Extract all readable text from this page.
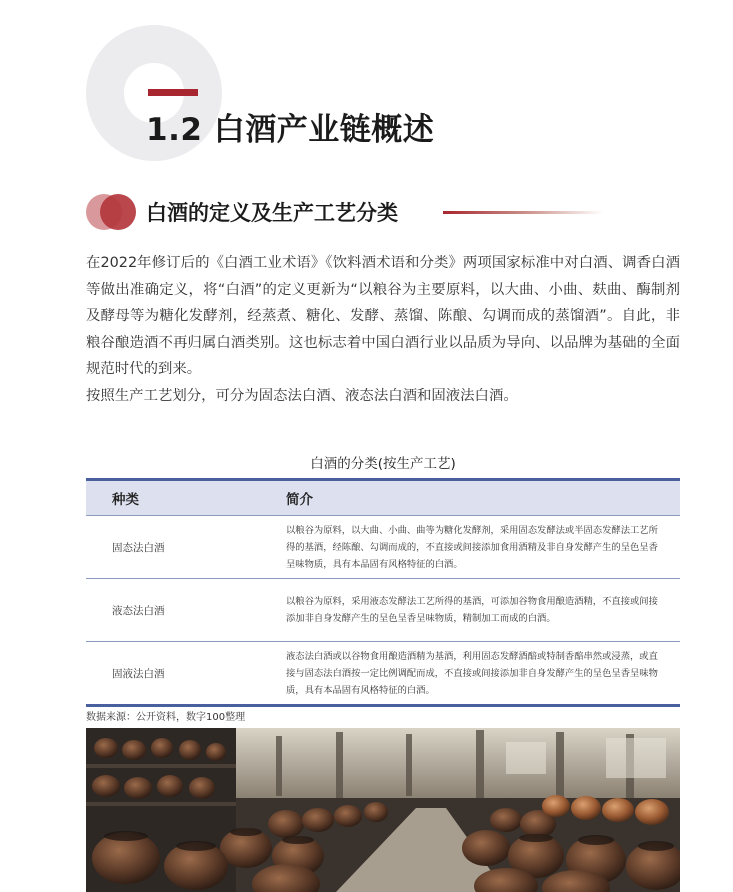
1.2 白酒产业链概述
白酒的定义及生产工艺分类

在2022年修订后的《白酒工业术语》《饮料酒术语和分类》两项国家标准中对白酒、调香白酒等做出准确定义，将“白酒”的定义更新为“以粮谷为主要原料，以大曲、小曲、麸曲、酶制剂及酵母等为糖化发酵剂，经蒸煮、糖化、发酵、蒸馏、陈酿、勾调而成的蒸馏酒”。自此，非粮谷酿造酒不再归属白酒类别。这也标志着中国白酒行业以品质为导向、以品牌为基础的全面规范时代的到来。

按照生产工艺划分，可分为固态法白酒、液态法白酒和固液法白酒。

白酒的分类(按生产工艺)
种类	简介
固态法白酒
以粮谷为原料，以大曲、小曲、曲等为糖化发酵剂，采用固态发酵法或半固态发酵法工艺所得的基酒，经陈酿、勾调而成的，不直接或间接添加食用酒精及非自身发酵产生的呈色呈香呈味物质，具有本品固有风格特征的白酒。
液态法白酒
以粮谷为原料，采用液态发酵法工艺所得的基酒，可添加谷物食用酿造酒精，不直接或间接添加非自身发酵产生的呈色呈香呈味物质，精制加工而成的白酒。
固液法白酒
液态法白酒或以谷物食用酿造酒精为基酒，利用固态发酵酒醅或特制香醅串然或浸蒸，或直接与固态法白酒按一定比例调配而成，不直接或间接添加非自身发酵产生的呈色呈香呈味物质，具有本品固有风格特征的白酒。
数据来源：公开资料，数字100整理
